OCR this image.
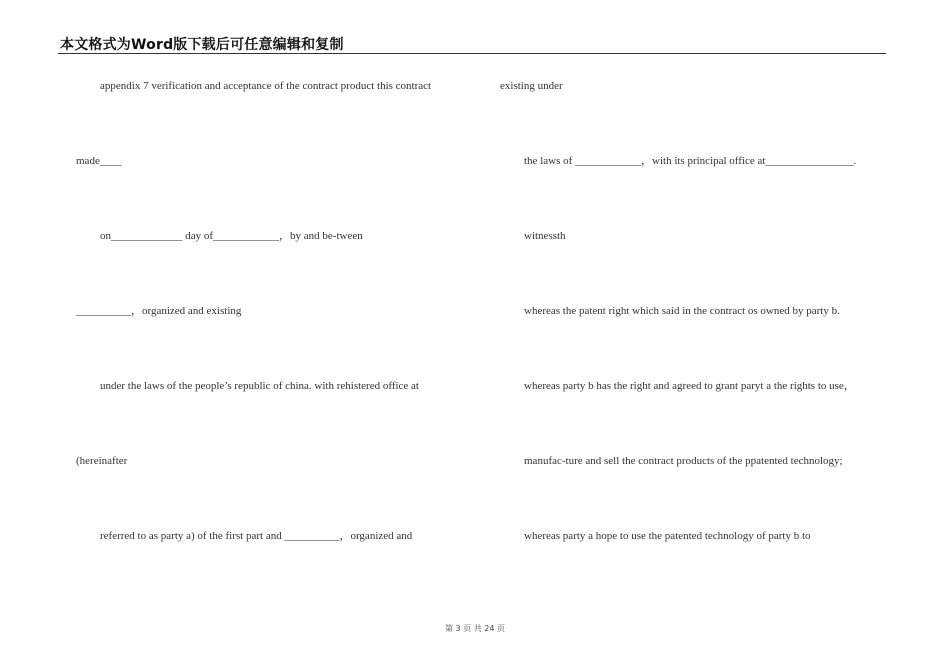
本文格式为Word版下载后可任意编辑和复制
appendix 7 verification and acceptance of the contract product this contract
made____
on_____________ day of____________，by and be-tween
__________，organized and existing
under the laws of the people’s republic of china. with rehistered office at
(hereinafter
referred to as party a) of the first part and __________，organized and
existing under
the laws of ____________，with its principal office at________________.
witnessth
whereas the patent right which said in the contract os owned by party b.
whereas party b has the right and agreed to grant paryt a the rights to use，
manufac-ture and sell the contract products of the ppatented technology;
whereas party a hope to use the patented technology of party b to
第 3 页 共 24 页
